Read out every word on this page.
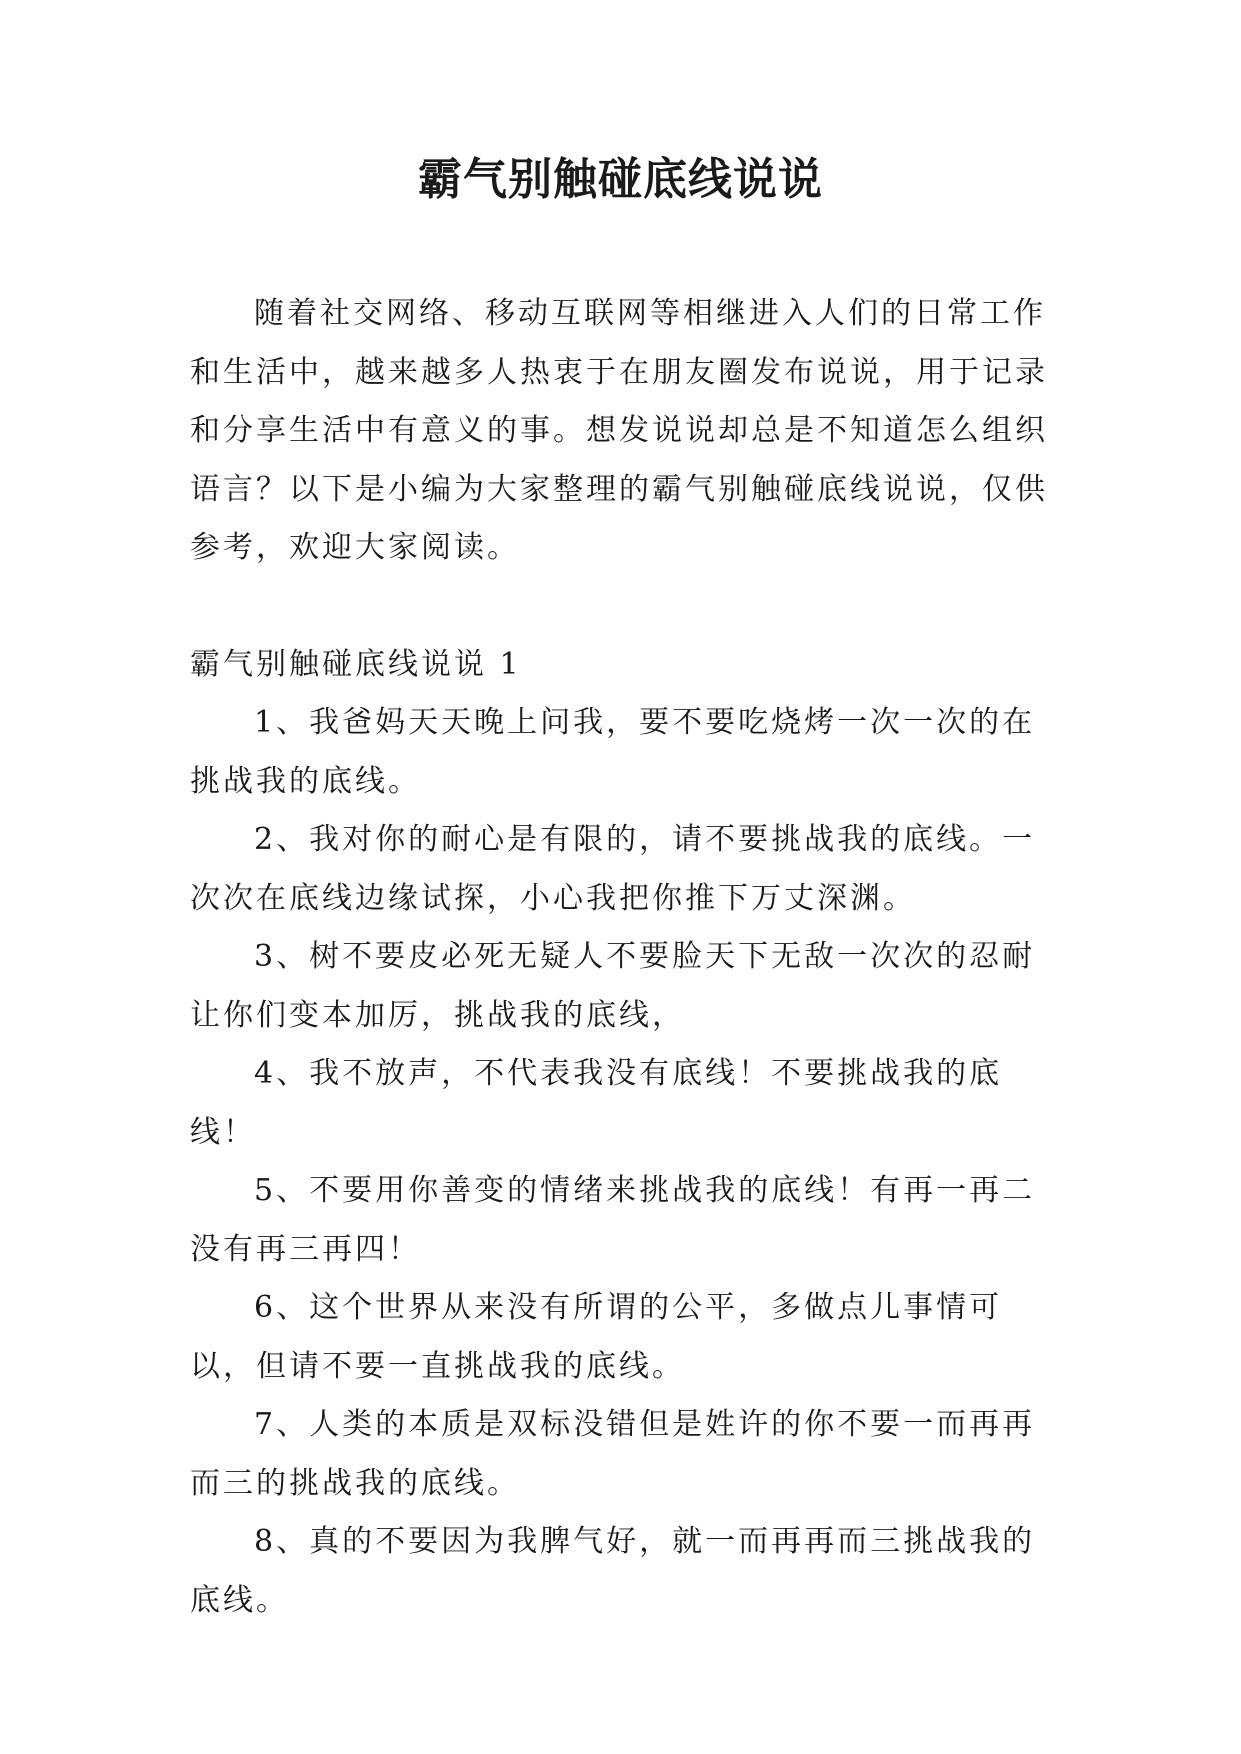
霸气别触碰底线说说

随着社交网络、移动互联网等相继进入人们的日常工作和生活中，越来越多人热衷于在朋友圈发布说说，用于记录和分享生活中有意义的事。想发说说却总是不知道怎么组织语言？以下是小编为大家整理的霸气别触碰底线说说，仅供参考，欢迎大家阅读。

霸气别触碰底线说说 1

1、我爸妈天天晚上问我，要不要吃烧烤一次一次的在挑战我的底线。

2、我对你的耐心是有限的，请不要挑战我的底线。一次次在底线边缘试探，小心我把你推下万丈深渊。

3、树不要皮必死无疑人不要脸天下无敌一次次的忍耐让你们变本加厉，挑战我的底线，

4、我不放声，不代表我没有底线！不要挑战我的底线！

5、不要用你善变的情绪来挑战我的底线！有再一再二没有再三再四！

6、这个世界从来没有所谓的公平，多做点儿事情可以，但请不要一直挑战我的底线。

7、人类的本质是双标没错但是姓许的你不要一而再再而三的挑战我的底线。

8、真的不要因为我脾气好，就一而再再而三挑战我的底线。
